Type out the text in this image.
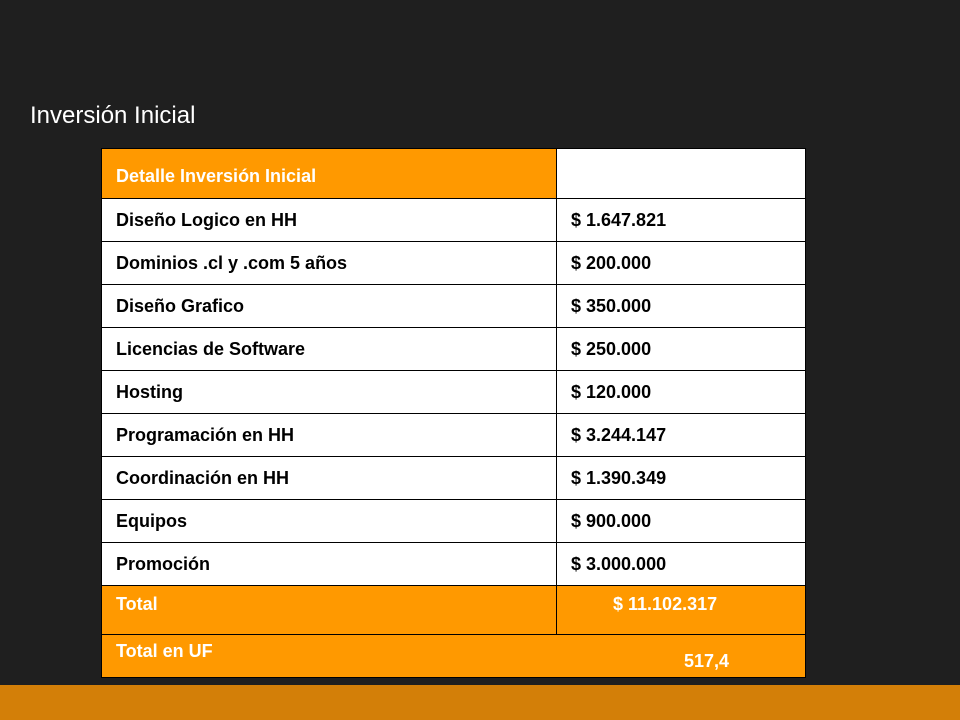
Inversión Inicial
Detalle Inversión Inicial	
Diseño Logico en HH	$ 1.647.821
Dominios .cl y .com 5 años	$ 200.000
Diseño Grafico	$ 350.000
Licencias de Software	$ 250.000
Hosting	$ 120.000
Programación en HH	$ 3.244.147
Coordinación en HH	$ 1.390.349
Equipos	$ 900.000
Promoción	$ 3.000.000
Total	$ 11.102.317

Total en UF 517,4	
